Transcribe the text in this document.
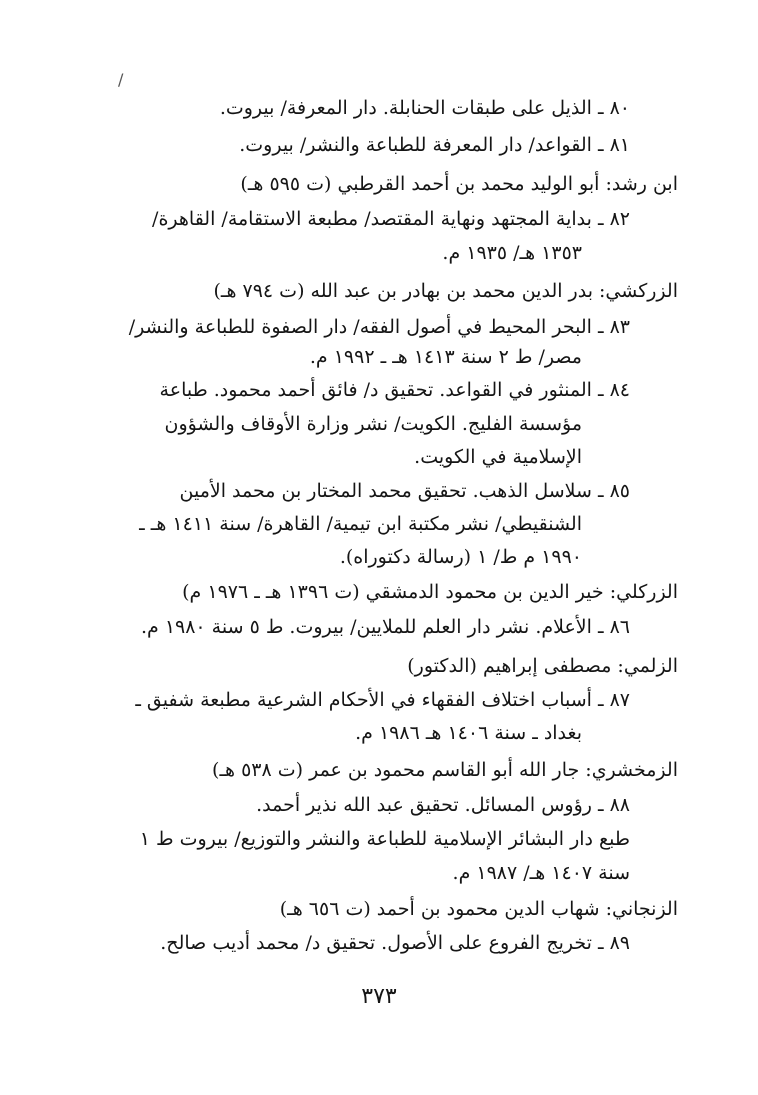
/
٨٠ ـ الذيل على طبقات الحنابلة. دار المعرفة/ بيروت.
٨١ ـ القواعد/ دار المعرفة للطباعة والنشر/ بيروت.
ابن رشد: أبو الوليد محمد بن أحمد القرطبي (ت ٥٩٥ هـ)
٨٢ ـ بداية المجتهد ونهاية المقتصد/ مطبعة الاستقامة/ القاهرة/
١٣٥٣ هـ/ ١٩٣٥ م.
الزركشي: بدر الدين محمد بن بهادر بن عبد الله (ت ٧٩٤ هـ)
٨٣ ـ البحر المحيط في أصول الفقه/ دار الصفوة للطباعة والنشر/
مصر/ ط ٢ سنة ١٤١٣ هـ ـ ١٩٩٢ م.
٨٤ ـ المنثور في القواعد. تحقيق د/ فائق أحمد محمود. طباعة
مؤسسة الفليج. الكويت/ نشر وزارة الأوقاف والشؤون
الإسلامية في الكويت.
٨٥ ـ سلاسل الذهب. تحقيق محمد المختار بن محمد الأمين
الشنقيطي/ نشر مكتبة ابن تيمية/ القاهرة/ سنة ١٤١١ هـ ـ
١٩٩٠ م ط/ ١ (رسالة دكتوراه).
الزركلي: خير الدين بن محمود الدمشقي (ت ١٣٩٦ هـ ـ ١٩٧٦ م)
٨٦ ـ الأعلام. نشر دار العلم للملايين/ بيروت. ط ٥ سنة ١٩٨٠ م.
الزلمي: مصطفى إبراهيم (الدكتور)
٨٧ ـ أسباب اختلاف الفقهاء في الأحكام الشرعية مطبعة شفيق ـ
بغداد ـ سنة ١٤٠٦ هـ ١٩٨٦ م.
الزمخشري: جار الله أبو القاسم محمود بن عمر (ت ٥٣٨ هـ)
٨٨ ـ رؤوس المسائل. تحقيق عبد الله نذير أحمد.
طبع دار البشائر الإسلامية للطباعة والنشر والتوزيع/ بيروت ط ١
سنة ١٤٠٧ هـ/ ١٩٨٧ م.
الزنجاني: شهاب الدين محمود بن أحمد (ت ٦٥٦ هـ)
٨٩ ـ تخريج الفروع على الأصول. تحقيق د/ محمد أديب صالح.
٣٧٣
